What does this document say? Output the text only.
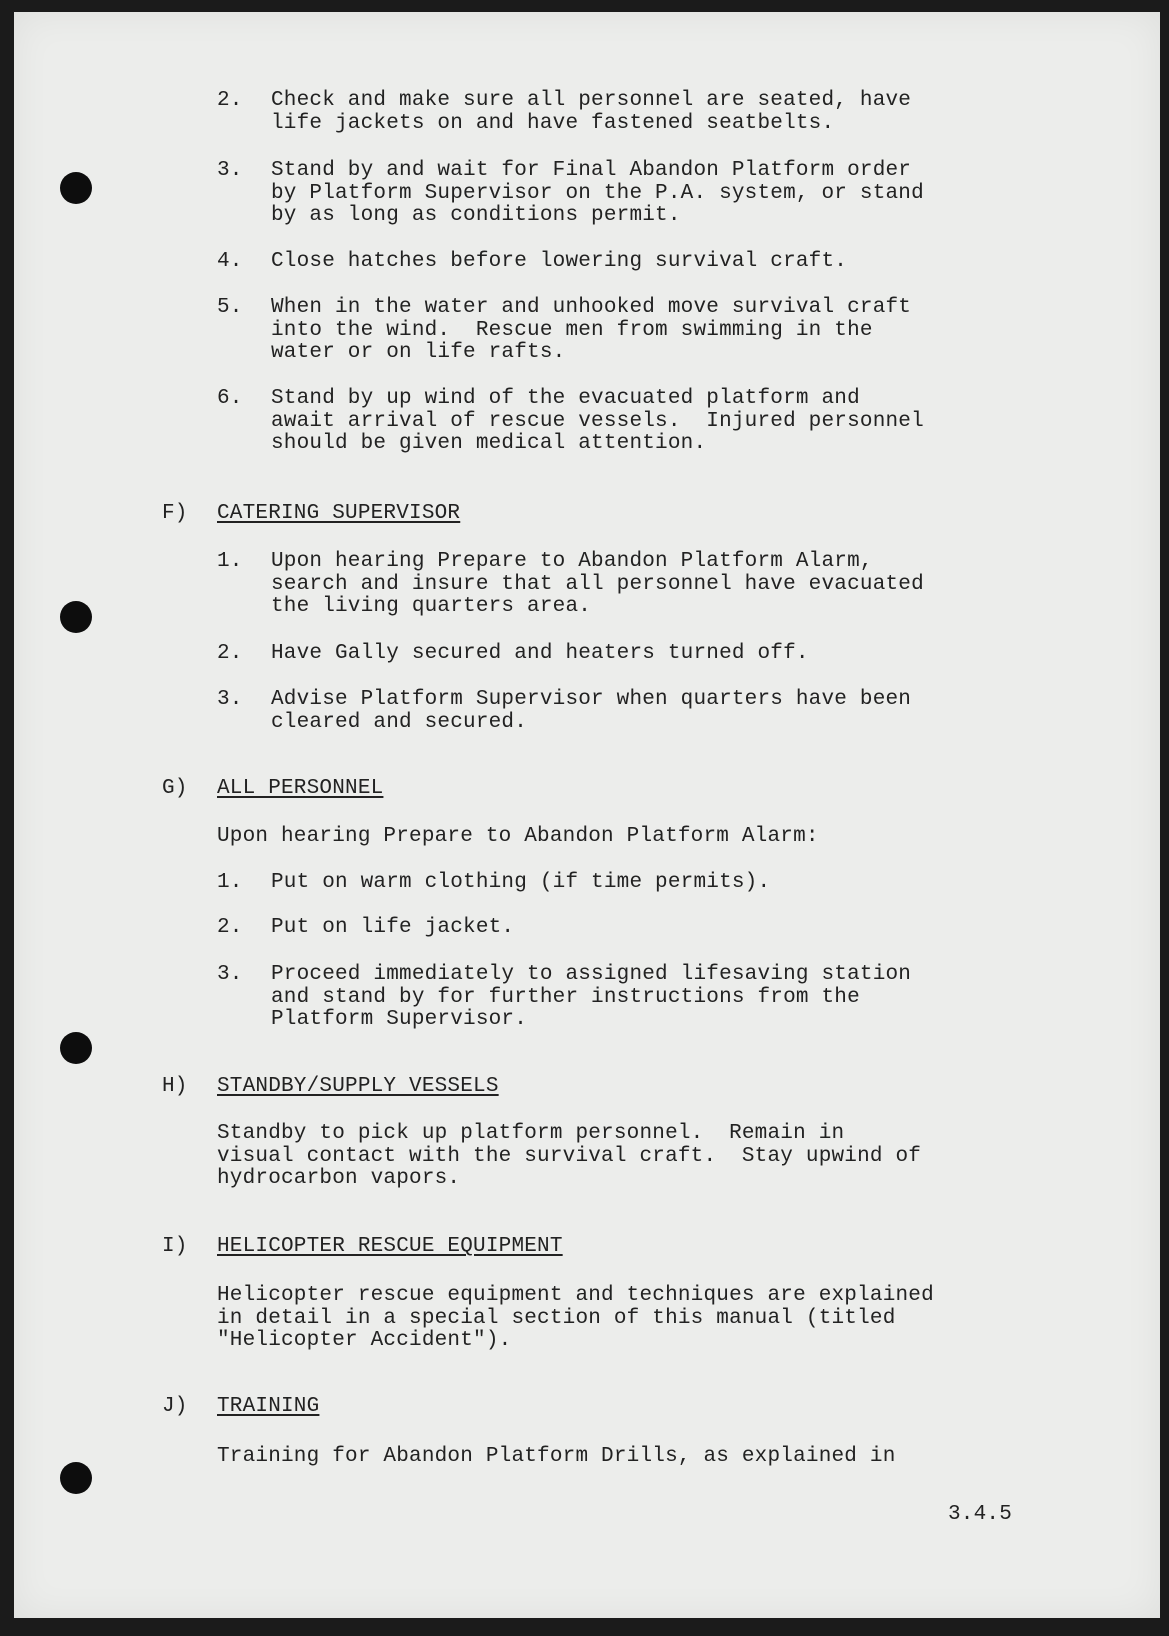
2. Check and make sure all personnel are seated, have
life jackets on and have fastened seatbelts.
3. Stand by and wait for Final Abandon Platform order
by Platform Supervisor on the P.A. system, or stand
by as long as conditions permit.
4. Close hatches before lowering survival craft.
5. When in the water and unhooked move survival craft
into the wind.  Rescue men from swimming in the
water or on life rafts.
6. Stand by up wind of the evacuated platform and
await arrival of rescue vessels.  Injured personnel
should be given medical attention.
F) CATERING SUPERVISOR
1. Upon hearing Prepare to Abandon Platform Alarm,
search and insure that all personnel have evacuated
the living quarters area.
2. Have Gally secured and heaters turned off.
3. Advise Platform Supervisor when quarters have been
cleared and secured.
G) ALL PERSONNEL
Upon hearing Prepare to Abandon Platform Alarm:
1. Put on warm clothing (if time permits).
2. Put on life jacket.
3. Proceed immediately to assigned lifesaving station
and stand by for further instructions from the
Platform Supervisor.
H) STANDBY/SUPPLY VESSELS
Standby to pick up platform personnel.  Remain in
visual contact with the survival craft.  Stay upwind of
hydrocarbon vapors.
I) HELICOPTER RESCUE EQUIPMENT
Helicopter rescue equipment and techniques are explained
in detail in a special section of this manual (titled
"Helicopter Accident").
J) TRAINING
Training for Abandon Platform Drills, as explained in
3.4.5
